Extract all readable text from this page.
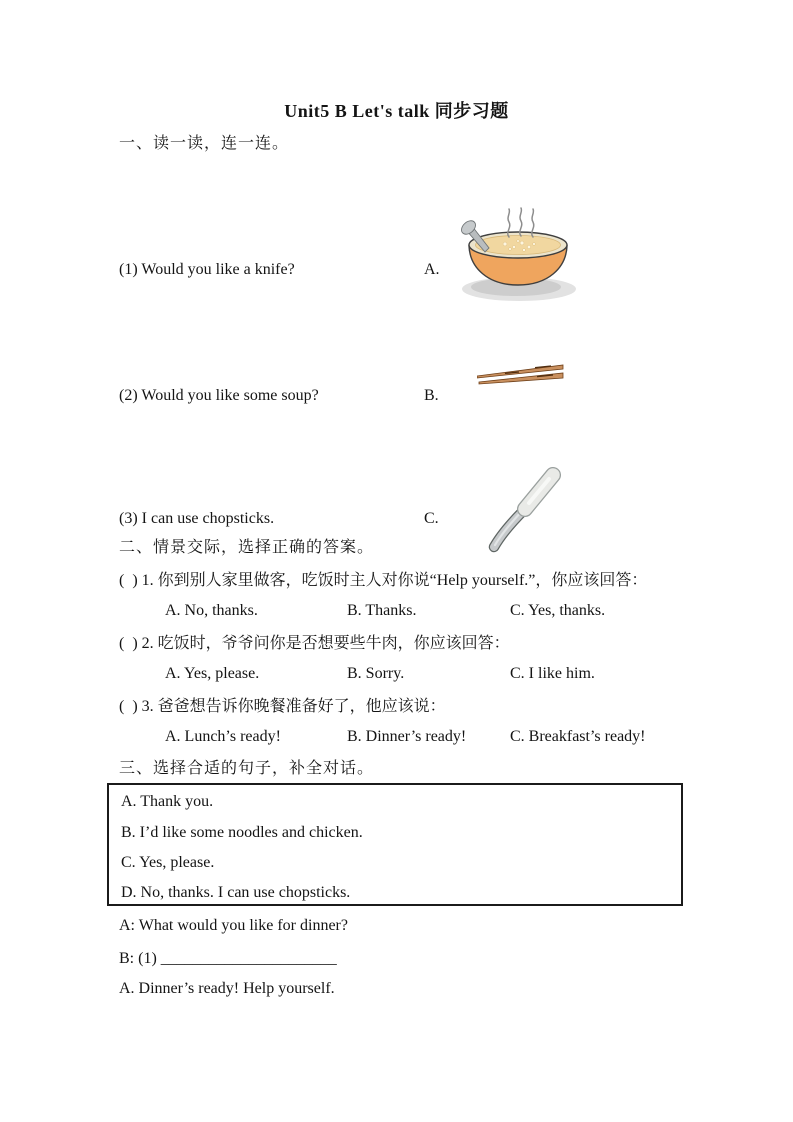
Unit5 B Let's talk 同步习题
一、读一读，连一连。

(1) Would you like a knife?	A.

(2) Would you like some soup?	B.

(3) I can use chopsticks.	C.
二、情景交际，选择正确的答案。
(  ) 1. 你到别人家里做客，吃饭时主人对你说“Help yourself.”，你应该回答：
A. No, thanks.	B. Thanks.	C. Yes, thanks.
(  ) 2. 吃饭时，爷爷问你是否想要些牛肉，你应该回答：
A. Yes, please.	B. Sorry.	C. I like him.
(  ) 3. 爸爸想告诉你晚餐准备好了，他应该说：
A. Lunch’s ready!	B. Dinner’s ready!	C. Breakfast’s ready!
三、选择合适的句子，补全对话。
A. Thank you.
B. I’d like some noodles and chicken.
C. Yes, please.
D. No, thanks. I can use chopsticks.
A: What would you like for dinner?
B: (1) ______________________
A. Dinner’s ready! Help yourself.
